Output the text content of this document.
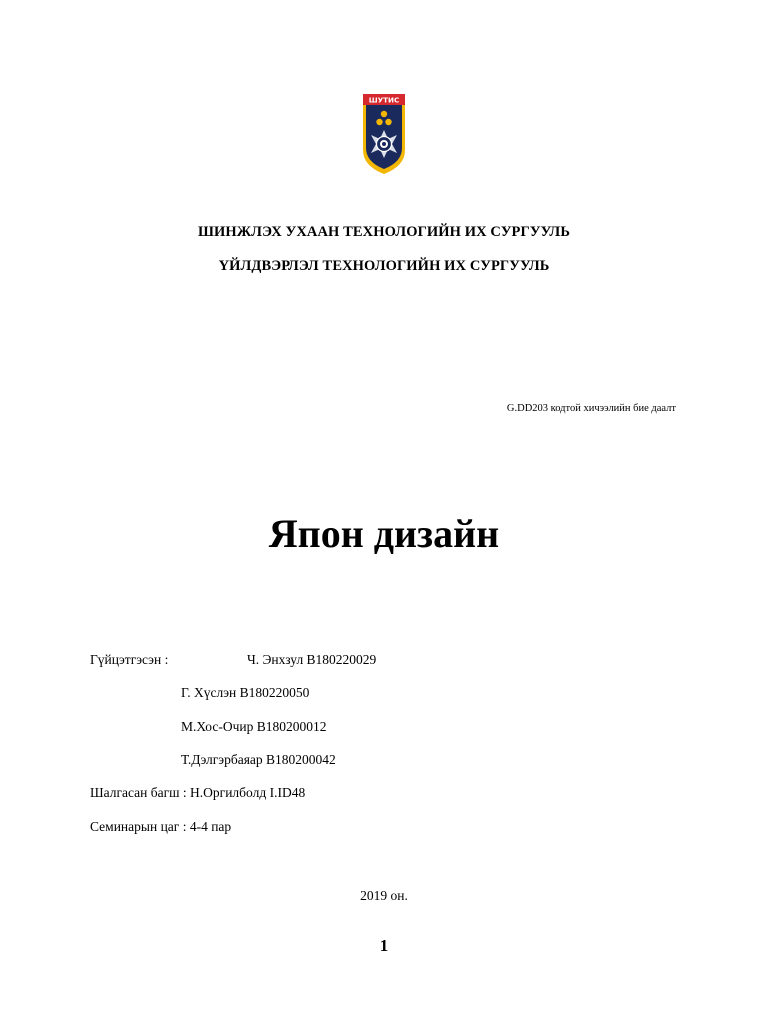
ШУТИС
ШИНЖЛЭХ УХААН ТЕХНОЛОГИЙН ИХ СУРГУУЛЬ
ҮЙЛДВЭРЛЭЛ ТЕХНОЛОГИЙН ИХ СУРГУУЛЬ
G.DD203 кодтой хичээлийн бие даалт
Япон дизайн
Гүйцэтгэсэн :	Ч. Энхзул B180220029
Г. Хүслэн B180220050
М.Хос-Очир B180200012
Т.Дэлгэрбаяар B180200042
Шалгасан багш : Н.Оргилболд I.ID48
Семинарын цаг : 4-4 пар
2019 он.
1
